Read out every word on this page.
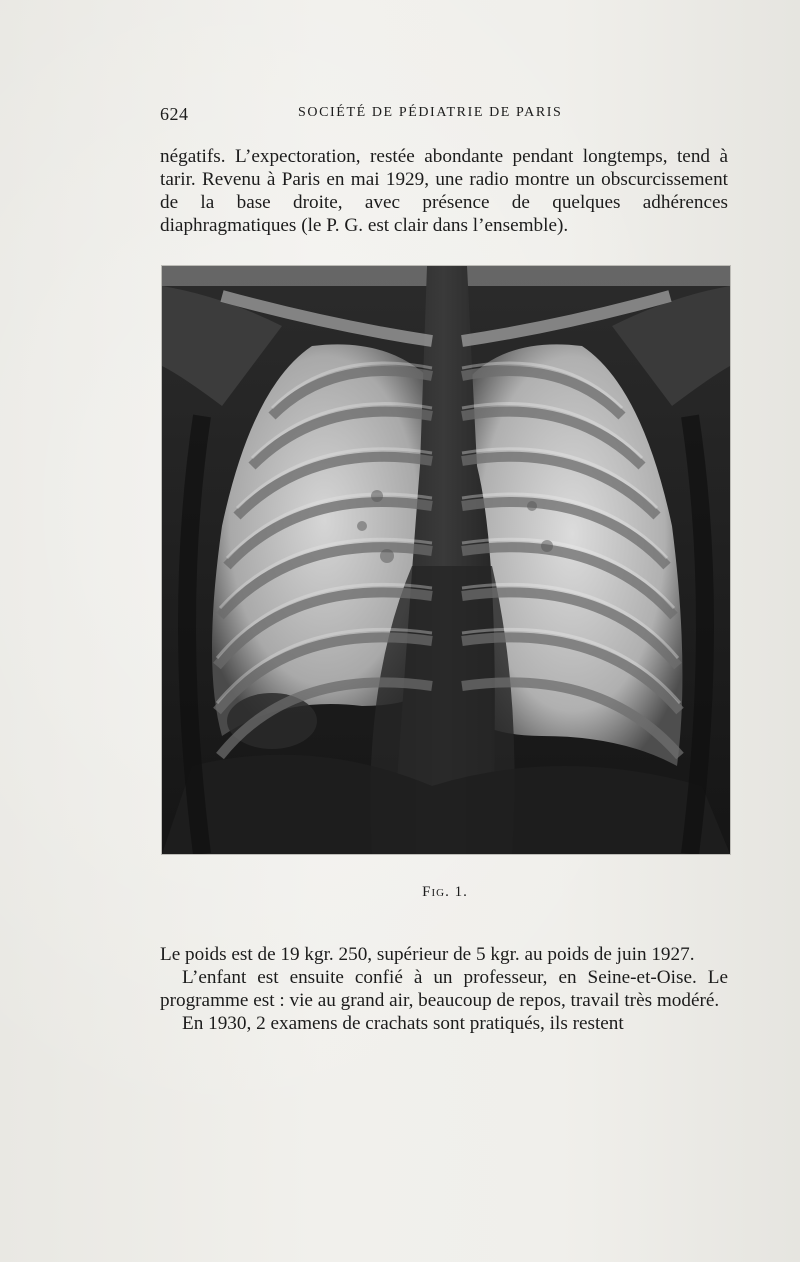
624	SOCIÉTÉ DE PÉDIATRIE DE PARIS

négatifs. L’expectoration, restée abondante pendant longtemps, tend à tarir. Revenu à Paris en mai 1929, une radio montre un obscurcissement de la base droite, avec présence de quelques adhérences diaphragmatiques (le P. G. est clair dans l’ensemble).

Fig. 1.

Le poids est de 19 kgr. 250, supérieur de 5 kgr. au poids de juin 1927.

L’enfant est ensuite confié à un professeur, en Seine-et-Oise. Le programme est : vie au grand air, beaucoup de repos, travail très modéré.

En 1930, 2 examens de crachats sont pratiqués, ils restent
